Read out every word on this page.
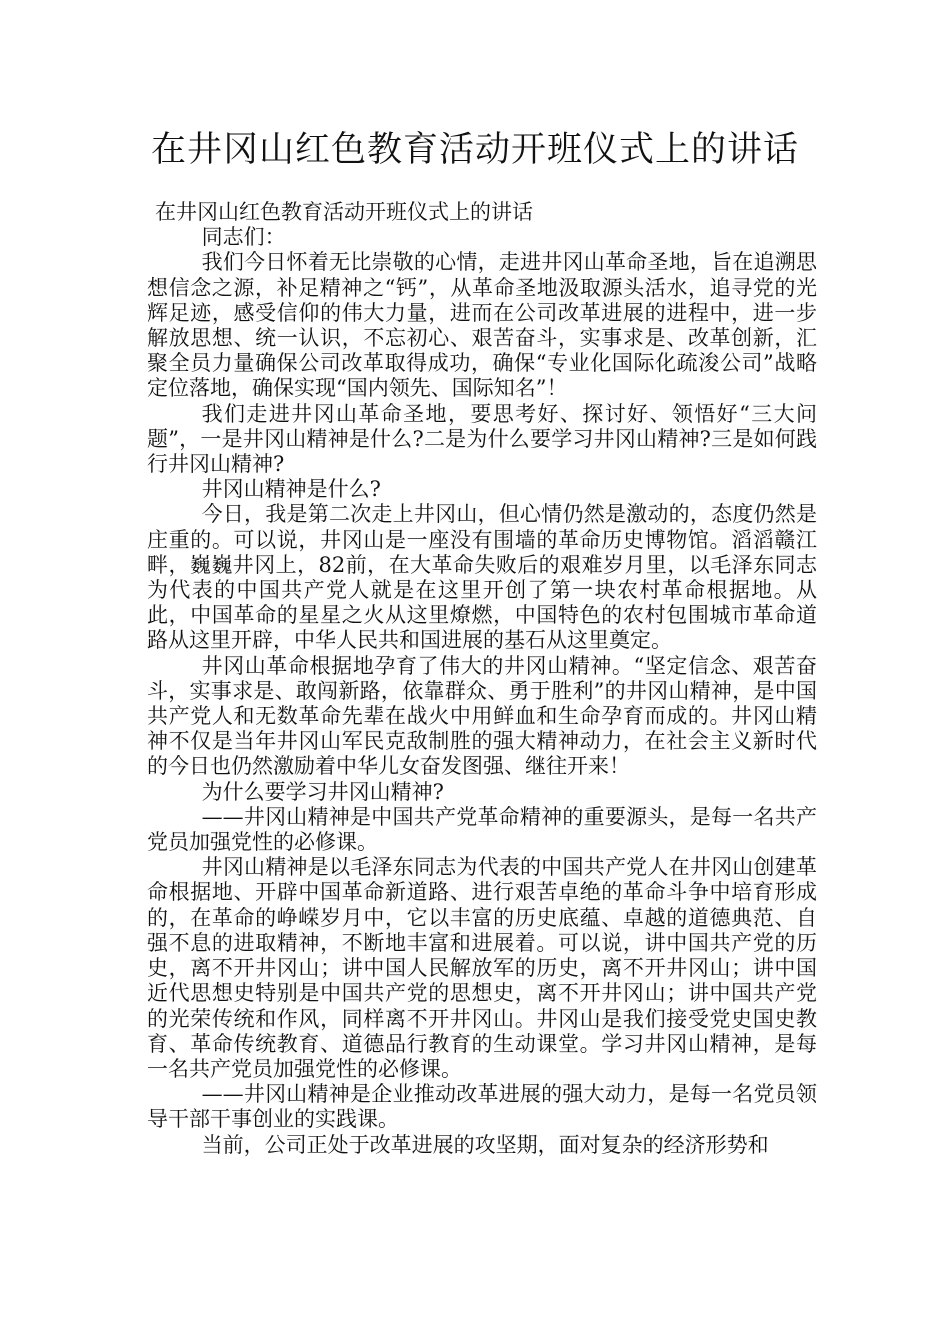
在井冈山红色教育活动开班仪式上的讲话

在井冈山红色教育活动开班仪式上的讲话

同志们：

我们今日怀着无比崇敬的心情，走进井冈山革命圣地，旨在追溯思想信念之源，补足精神之“钙”，从革命圣地汲取源头活水，追寻党的光辉足迹，感受信仰的伟大力量，进而在公司改革进展的进程中，进一步解放思想、统一认识，不忘初心、艰苦奋斗，实事求是、改革创新，汇聚全员力量确保公司改革取得成功，确保“专业化国际化疏浚公司”战略定位落地，确保实现“国内领先、国际知名”！

我们走进井冈山革命圣地，要思考好、探讨好、领悟好“三大问题”，一是井冈山精神是什么?二是为什么要学习井冈山精神?三是如何践行井冈山精神?

井冈山精神是什么?

今日，我是第二次走上井冈山，但心情仍然是激动的，态度仍然是庄重的。可以说，井冈山是一座没有围墙的革命历史博物馆。滔滔赣江畔，巍巍井冈上，82前，在大革命失败后的艰难岁月里，以毛泽东同志为代表的中国共产党人就是在这里开创了第一块农村革命根据地。从此，中国革命的星星之火从这里燎燃，中国特色的农村包围城市革命道路从这里开辟，中华人民共和国进展的基石从这里奠定。

井冈山革命根据地孕育了伟大的井冈山精神。“坚定信念、艰苦奋斗，实事求是、敢闯新路，依靠群众、勇于胜利”的井冈山精神，是中国共产党人和无数革命先辈在战火中用鲜血和生命孕育而成的。井冈山精神不仅是当年井冈山军民克敌制胜的强大精神动力，在社会主义新时代的今日也仍然激励着中华儿女奋发图强、继往开来！

为什么要学习井冈山精神?

——井冈山精神是中国共产党革命精神的重要源头，是每一名共产党员加强党性的必修课。

井冈山精神是以毛泽东同志为代表的中国共产党人在井冈山创建革命根据地、开辟中国革命新道路、进行艰苦卓绝的革命斗争中培育形成的，在革命的峥嵘岁月中，它以丰富的历史底蕴、卓越的道德典范、自强不息的进取精神，不断地丰富和进展着。可以说，讲中国共产党的历史，离不开井冈山；讲中国人民解放军的历史，离不开井冈山；讲中国近代思想史特别是中国共产党的思想史，离不开井冈山；讲中国共产党的光荣传统和作风，同样离不开井冈山。井冈山是我们接受党史国史教育、革命传统教育、道德品行教育的生动课堂。学习井冈山精神，是每一名共产党员加强党性的必修课。

——井冈山精神是企业推动改革进展的强大动力，是每一名党员领导干部干事创业的实践课。

当前，公司正处于改革进展的攻坚期，面对复杂的经济形势和
